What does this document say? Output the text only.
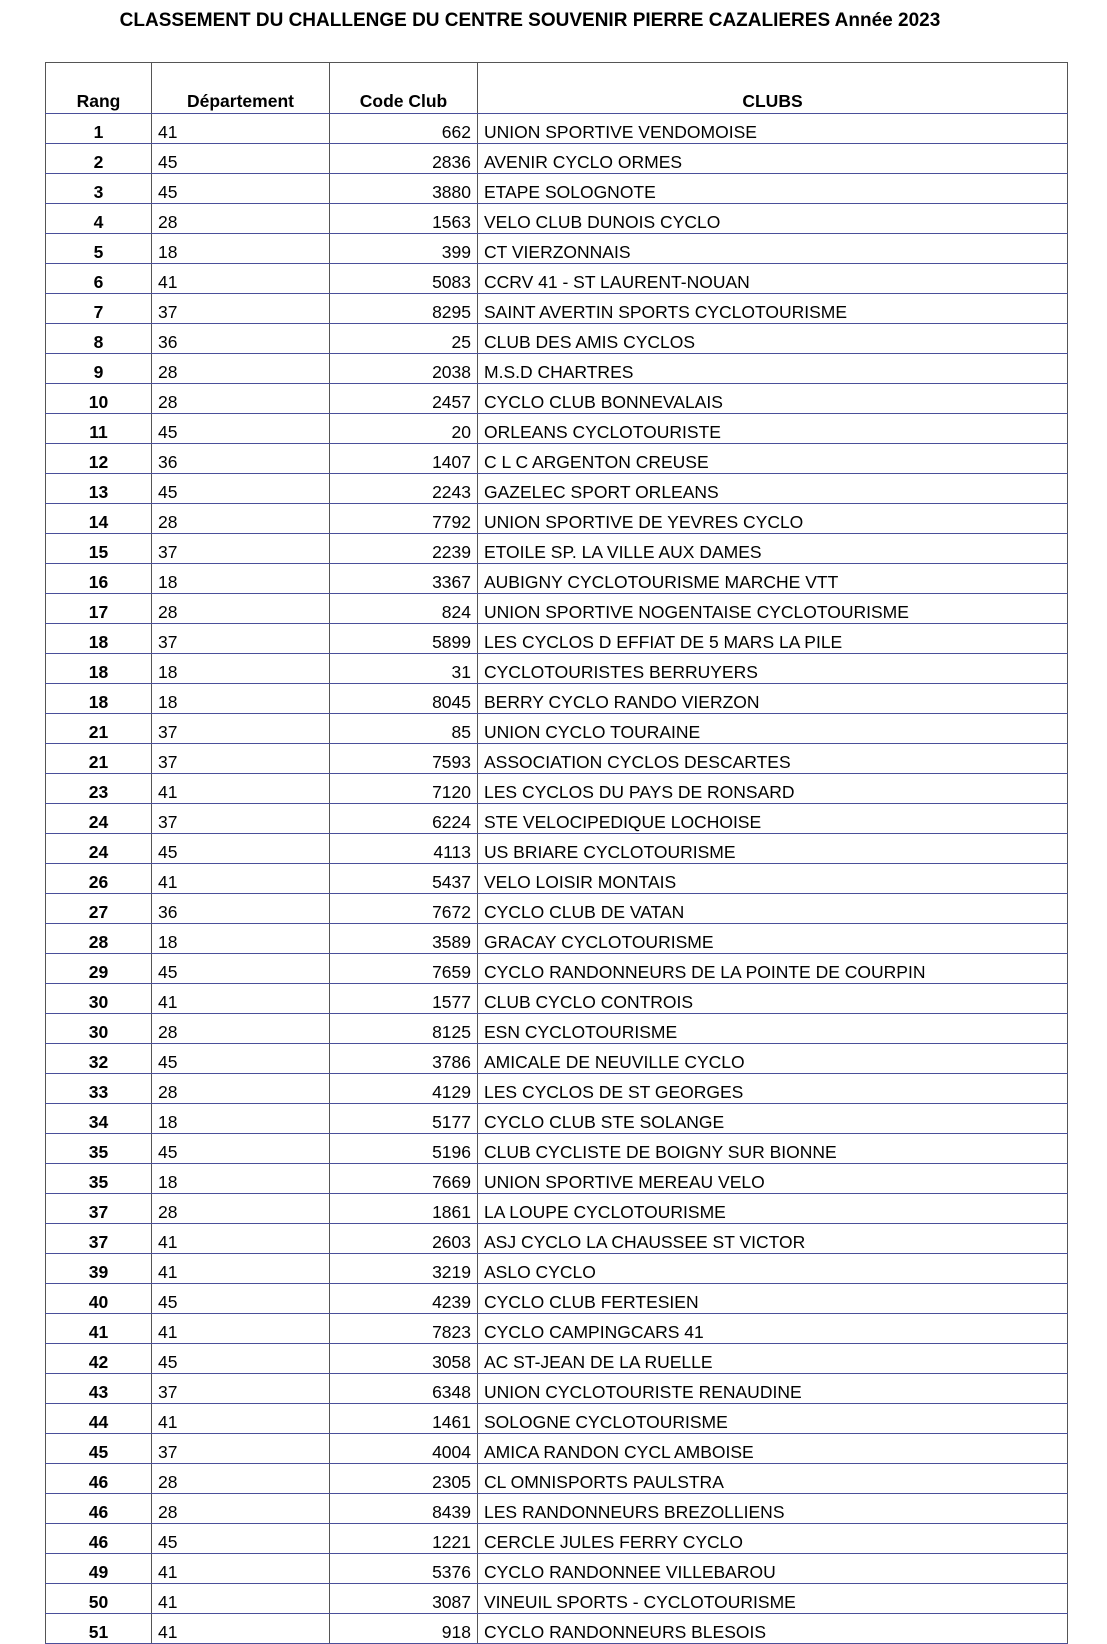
CLASSEMENT DU CHALLENGE DU CENTRE SOUVENIR PIERRE CAZALIERES Année 2023
Rang	Département	Code Club	CLUBS
1	41	662	UNION SPORTIVE VENDOMOISE
2	45	2836	AVENIR CYCLO ORMES
3	45	3880	ETAPE SOLOGNOTE
4	28	1563	VELO CLUB DUNOIS CYCLO
5	18	399	CT VIERZONNAIS
6	41	5083	CCRV 41 - ST LAURENT-NOUAN
7	37	8295	SAINT AVERTIN SPORTS CYCLOTOURISME
8	36	25	CLUB DES AMIS CYCLOS
9	28	2038	M.S.D CHARTRES
10	28	2457	CYCLO CLUB BONNEVALAIS
11	45	20	ORLEANS CYCLOTOURISTE
12	36	1407	C L C ARGENTON CREUSE
13	45	2243	GAZELEC SPORT ORLEANS
14	28	7792	UNION SPORTIVE DE YEVRES CYCLO
15	37	2239	ETOILE SP. LA VILLE AUX DAMES
16	18	3367	AUBIGNY CYCLOTOURISME MARCHE VTT
17	28	824	UNION SPORTIVE NOGENTAISE CYCLOTOURISME
18	37	5899	LES CYCLOS D EFFIAT DE 5 MARS LA PILE
18	18	31	CYCLOTOURISTES BERRUYERS
18	18	8045	BERRY CYCLO RANDO VIERZON
21	37	85	UNION CYCLO TOURAINE
21	37	7593	ASSOCIATION CYCLOS DESCARTES
23	41	7120	LES CYCLOS DU PAYS DE RONSARD
24	37	6224	STE VELOCIPEDIQUE LOCHOISE
24	45	4113	US BRIARE CYCLOTOURISME
26	41	5437	VELO LOISIR MONTAIS
27	36	7672	CYCLO CLUB DE VATAN
28	18	3589	GRACAY CYCLOTOURISME
29	45	7659	CYCLO RANDONNEURS DE LA POINTE DE COURPIN
30	41	1577	CLUB CYCLO CONTROIS
30	28	8125	ESN CYCLOTOURISME
32	45	3786	AMICALE DE NEUVILLE CYCLO
33	28	4129	LES CYCLOS DE ST GEORGES
34	18	5177	CYCLO CLUB STE SOLANGE
35	45	5196	CLUB CYCLISTE DE BOIGNY SUR BIONNE
35	18	7669	UNION SPORTIVE MEREAU VELO
37	28	1861	LA LOUPE CYCLOTOURISME
37	41	2603	ASJ CYCLO LA CHAUSSEE ST VICTOR
39	41	3219	ASLO CYCLO
40	45	4239	CYCLO CLUB FERTESIEN
41	41	7823	CYCLO CAMPINGCARS 41
42	45	3058	AC ST-JEAN DE LA RUELLE
43	37	6348	UNION CYCLOTOURISTE RENAUDINE
44	41	1461	SOLOGNE CYCLOTOURISME
45	37	4004	AMICA RANDON CYCL AMBOISE
46	28	2305	CL OMNISPORTS PAULSTRA
46	28	8439	LES RANDONNEURS BREZOLLIENS
46	45	1221	CERCLE JULES FERRY CYCLO
49	41	5376	CYCLO RANDONNEE VILLEBAROU
50	41	3087	VINEUIL SPORTS - CYCLOTOURISME
51	41	918	CYCLO RANDONNEURS BLESOIS
